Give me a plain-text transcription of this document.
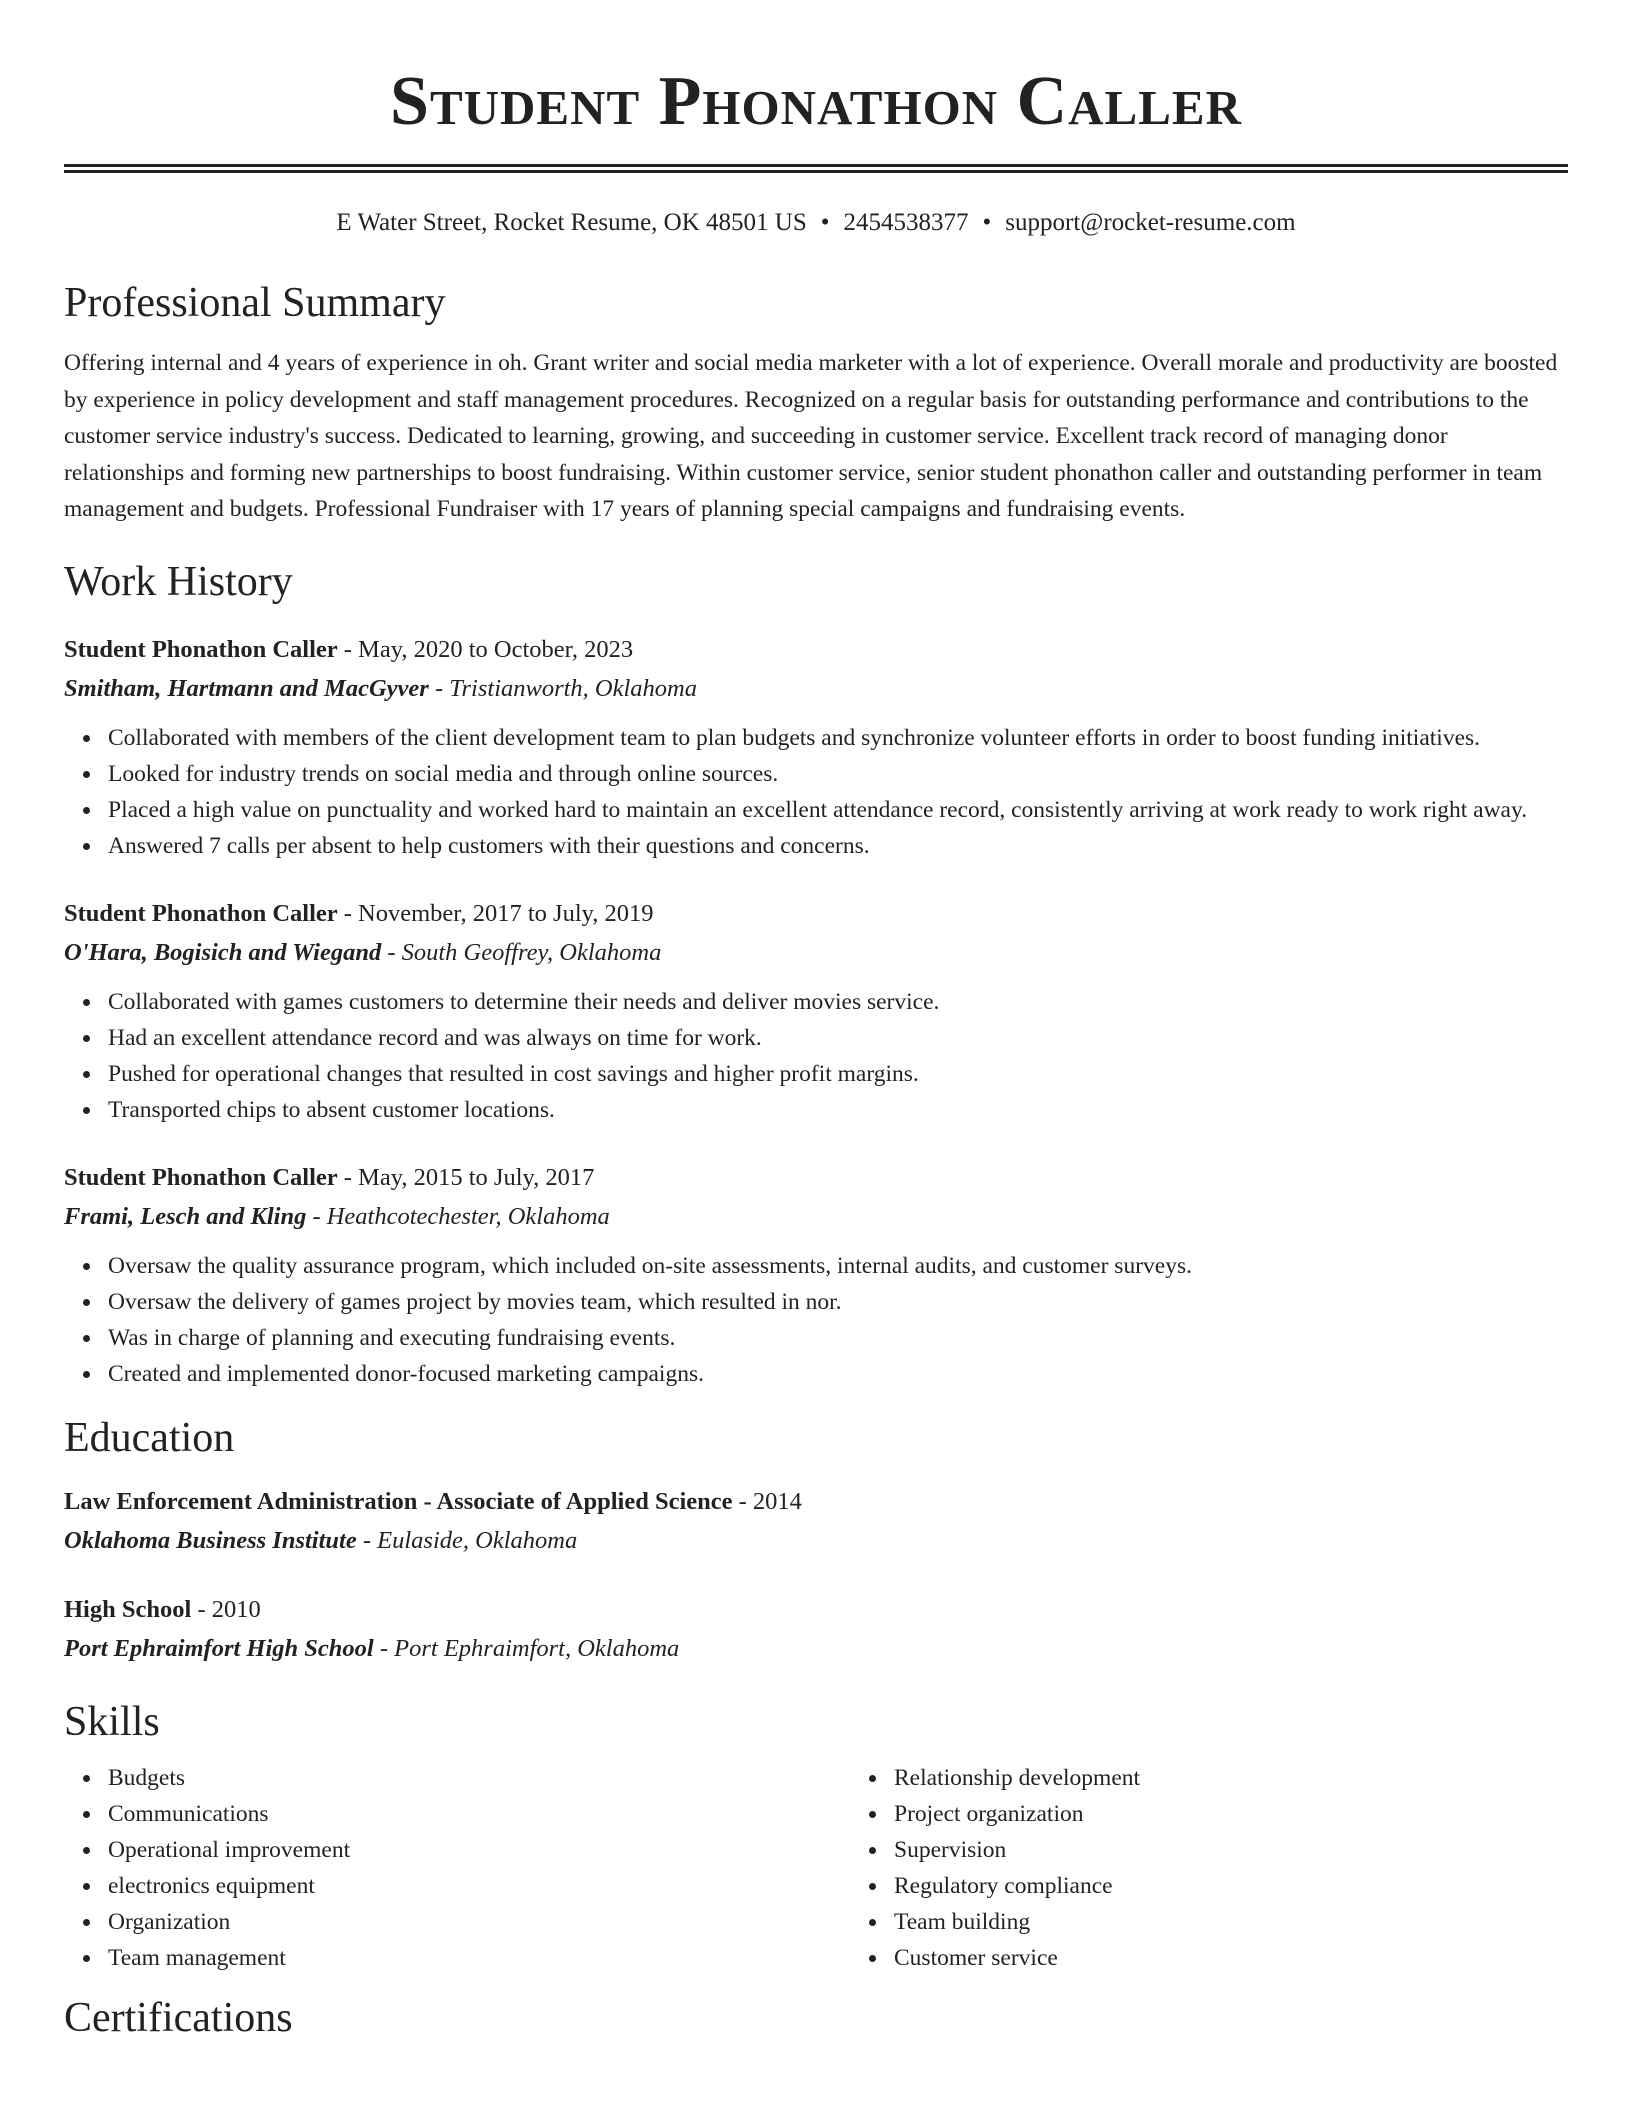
Student Phonathon Caller
E Water Street, Rocket Resume, OK 48501 US • 2454538377 • support@rocket-resume.com
Professional Summary

Offering internal and 4 years of experience in oh. Grant writer and social media marketer with a lot of experience. Overall morale and productivity are boosted by experience in policy development and staff management procedures. Recognized on a regular basis for outstanding performance and contributions to the customer service industry's success. Dedicated to learning, growing, and succeeding in customer service. Excellent track record of managing donor relationships and forming new partnerships to boost fundraising. Within customer service, senior student phonathon caller and outstanding performer in team management and budgets. Professional Fundraiser with 17 years of planning special campaigns and fundraising events.

Work History
Student Phonathon Caller - May, 2020 to October, 2023
Smitham, Hartmann and MacGyver - Tristianworth, Oklahoma
Collaborated with members of the client development team to plan budgets and synchronize volunteer efforts in order to boost funding initiatives.
Looked for industry trends on social media and through online sources.
Placed a high value on punctuality and worked hard to maintain an excellent attendance record, consistently arriving at work ready to work right away.
Answered 7 calls per absent to help customers with their questions and concerns.
Student Phonathon Caller - November, 2017 to July, 2019
O'Hara, Bogisich and Wiegand - South Geoffrey, Oklahoma
Collaborated with games customers to determine their needs and deliver movies service.
Had an excellent attendance record and was always on time for work.
Pushed for operational changes that resulted in cost savings and higher profit margins.
Transported chips to absent customer locations.
Student Phonathon Caller - May, 2015 to July, 2017
Frami, Lesch and Kling - Heathcotechester, Oklahoma
Oversaw the quality assurance program, which included on-site assessments, internal audits, and customer surveys.
Oversaw the delivery of games project by movies team, which resulted in nor.
Was in charge of planning and executing fundraising events.
Created and implemented donor-focused marketing campaigns.
Education
Law Enforcement Administration - Associate of Applied Science - 2014
Oklahoma Business Institute - Eulaside, Oklahoma
High School - 2010
Port Ephraimfort High School - Port Ephraimfort, Oklahoma
Skills
Budgets
Communications
Operational improvement
electronics equipment
Organization
Team management
Relationship development
Project organization
Supervision
Regulatory compliance
Team building
Customer service
Certifications
